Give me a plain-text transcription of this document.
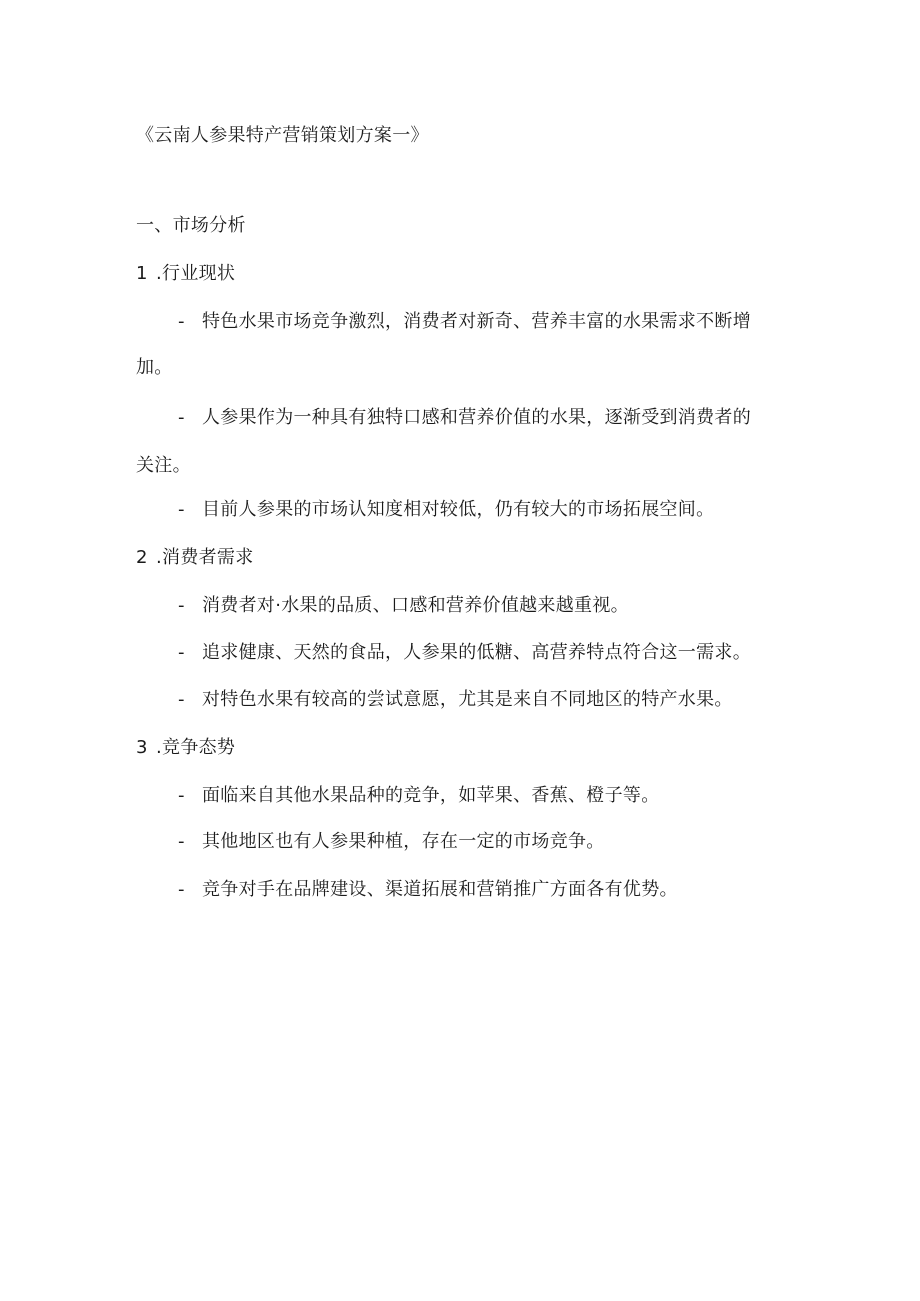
《云南人参果特产营销策划方案一》
一、市场分析
1 .行业现状
- 特色水果市场竞争激烈，消费者对新奇、营养丰富的水果需求不断增
加。
- 人参果作为一种具有独特口感和营养价值的水果，逐渐受到消费者的
关注。
- 目前人参果的市场认知度相对较低，仍有较大的市场拓展空间。
2 .消费者需求
- 消费者对·水果的品质、口感和营养价值越来越重视。
- 追求健康、天然的食品，人参果的低糖、高营养特点符合这一需求。
- 对特色水果有较高的尝试意愿，尤其是来自不同地区的特产水果。
3 .竞争态势
- 面临来自其他水果品种的竞争，如苹果、香蕉、橙子等。
- 其他地区也有人参果种植，存在一定的市场竞争。
- 竞争对手在品牌建设、渠道拓展和营销推广方面各有优势。
